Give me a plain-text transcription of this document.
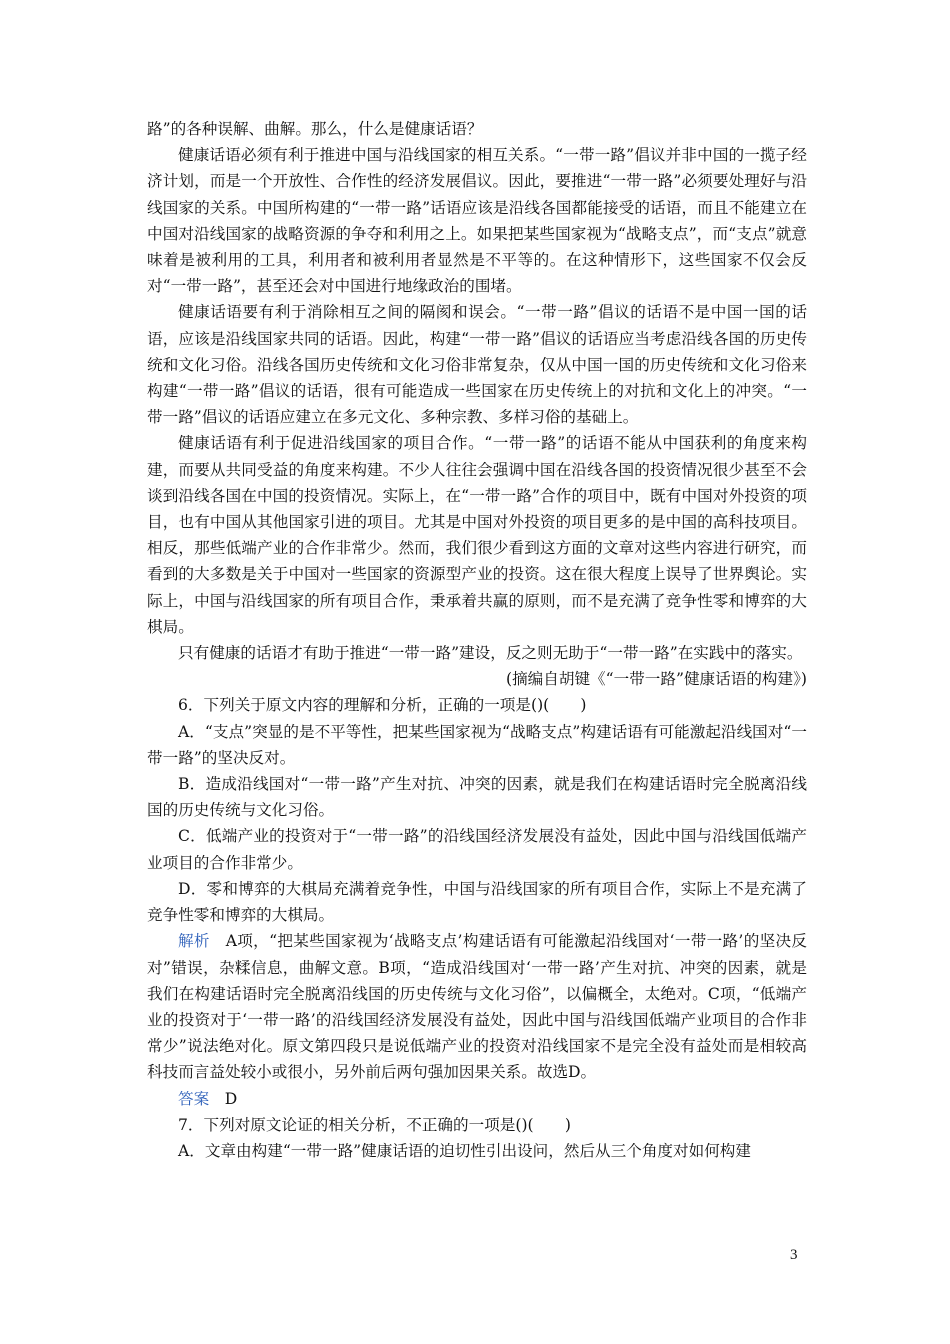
路”的各种误解、曲解。那么，什么是健康话语？

健康话语必须有利于推进中国与沿线国家的相互关系。“一带一路”倡议并非中国的一揽子经济计划，而是一个开放性、合作性的经济发展倡议。因此，要推进“一带一路”必须要处理好与沿线国家的关系。中国所构建的“一带一路”话语应该是沿线各国都能接受的话语，而且不能建立在中国对沿线国家的战略资源的争夺和利用之上。如果把某些国家视为“战略支点”，而“支点”就意味着是被利用的工具，利用者和被利用者显然是不平等的。在这种情形下，这些国家不仅会反对“一带一路”，甚至还会对中国进行地缘政治的围堵。

健康话语要有利于消除相互之间的隔阂和误会。“一带一路”倡议的话语不是中国一国的话语，应该是沿线国家共同的话语。因此，构建“一带一路”倡议的话语应当考虑沿线各国的历史传统和文化习俗。沿线各国历史传统和文化习俗非常复杂，仅从中国一国的历史传统和文化习俗来构建“一带一路”倡议的话语，很有可能造成一些国家在历史传统上的对抗和文化上的冲突。“一带一路”倡议的话语应建立在多元文化、多种宗教、多样习俗的基础上。

健康话语有利于促进沿线国家的项目合作。“一带一路”的话语不能从中国获利的角度来构建，而要从共同受益的角度来构建。不少人往往会强调中国在沿线各国的投资情况很少甚至不会谈到沿线各国在中国的投资情况。实际上，在“一带一路”合作的项目中，既有中国对外投资的项目，也有中国从其他国家引进的项目。尤其是中国对外投资的项目更多的是中国的高科技项目。相反，那些低端产业的合作非常少。然而，我们很少看到这方面的文章对这些内容进行研究，而看到的大多数是关于中国对一些国家的资源型产业的投资。这在很大程度上误导了世界舆论。实际上，中国与沿线国家的所有项目合作，秉承着共赢的原则，而不是充满了竞争性零和博弈的大棋局。

只有健康的话语才有助于推进“一带一路”建设，反之则无助于“一带一路”在实践中的落实。

(摘编自胡键《“一带一路”健康话语的构建》)

6．下列关于原文内容的理解和分析，正确的一项是()(　　)

A．“支点”突显的是不平等性，把某些国家视为“战略支点”构建话语有可能激起沿线国对“一带一路”的坚决反对。

B．造成沿线国对“一带一路”产生对抗、冲突的因素，就是我们在构建话语时完全脱离沿线国的历史传统与文化习俗。

C．低端产业的投资对于“一带一路”的沿线国经济发展没有益处，因此中国与沿线国低端产业项目的合作非常少。

D．零和博弈的大棋局充满着竞争性，中国与沿线国家的所有项目合作，实际上不是充满了竞争性零和博弈的大棋局。

解析　A项，“把某些国家视为‘战略支点’构建话语有可能激起沿线国对‘一带一路’的坚决反对”错误，杂糅信息，曲解文意。B项，“造成沿线国对‘一带一路’产生对抗、冲突的因素，就是我们在构建话语时完全脱离沿线国的历史传统与文化习俗”，以偏概全，太绝对。C项，“低端产业的投资对于‘一带一路’的沿线国经济发展没有益处，因此中国与沿线国低端产业项目的合作非常少”说法绝对化。原文第四段只是说低端产业的投资对沿线国家不是完全没有益处而是相较高科技而言益处较小或很小，另外前后两句强加因果关系。故选D。

答案　D

7．下列对原文论证的相关分析，不正确的一项是()(　　)

A．文章由构建“一带一路”健康话语的迫切性引出设问，然后从三个角度对如何构建

3
